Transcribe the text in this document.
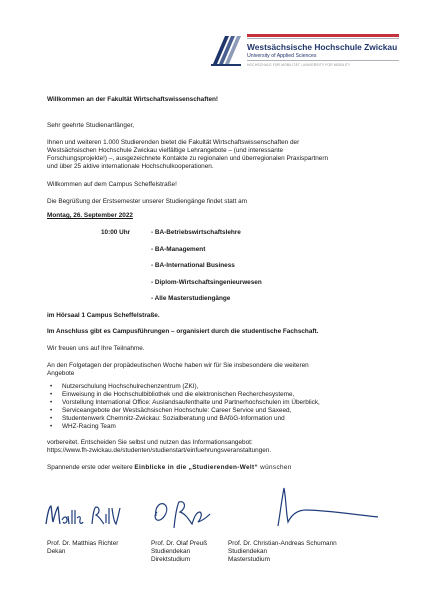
Westsächsische Hochschule Zwickau
University of Applied Sciences
HOCHSCHULE FÜR MOBILITÄT | UNIVERSITY FOR MOBILITY
Willkommen an der Fakultät Wirtschaftswissenschaften!
Sehr geehrte Studienanfänger,
Ihnen und weiteren 1.000 Studierenden bietet die Fakultät Wirtschaftswissenschaften der
Westsächsischen Hochschule Zwickau vielfältige Lehrangebote – (und interessante
Forschungsprojekte!) –, ausgezeichnete Kontakte zu regionalen und überregionalen Praxispartnern
und über 25 aktive internationale Hochschulkooperationen.
Willkommen auf dem Campus Scheffelstraße!
Die Begrüßung der Erstsemester unserer Studiengänge findet statt am
Montag, 26. September 2022
10:00 Uhr	- BA-Betriebswirtschaftslehre
- BA-Management
- BA-International Business
- Diplom-Wirtschaftsingenieurwesen
- Alle Masterstudiengänge
im Hörsaal 1 Campus Scheffelstraße.
Im Anschluss gibt es Campusführungen – organisiert durch die studentische Fachschaft.
Wir freuen uns auf Ihre Teilnahme.
An den Folgetagen der propädeutischen Woche haben wir für Sie insbesondere die weiteren
Angebote
• Nutzerschulung Hochschulrechenzentrum (ZKI),
• Einweisung in die Hochschulbibliothek und die elektronischen Recherchesysteme,
• Vorstellung International Office: Auslandsaufenthalte und Partnerhochschulen im Überblick,
• Serviceangebote der Westsächsischen Hochschule: Career Service und Saxeed,
• Studentenwerk Chemnitz-Zwickau: Sozialberatung und BAföG-Information und
• WHZ-Racing Team
vorbereitet. Entscheiden Sie selbst und nutzen das Informationsangebot:
https://www.fh-zwickau.de/studenten/studienstart/einfuehrungsveranstaltungen.
Spannende erste oder weitere Einblicke in die „Studierenden-Welt“ wünschen
Prof. Dr. Matthias Richter
Dekan
Prof. Dr. Olaf Preuß
Studiendekan
Direktstudium
Prof. Dr. Christian-Andreas Schumann
Studiendekan
Masterstudium
